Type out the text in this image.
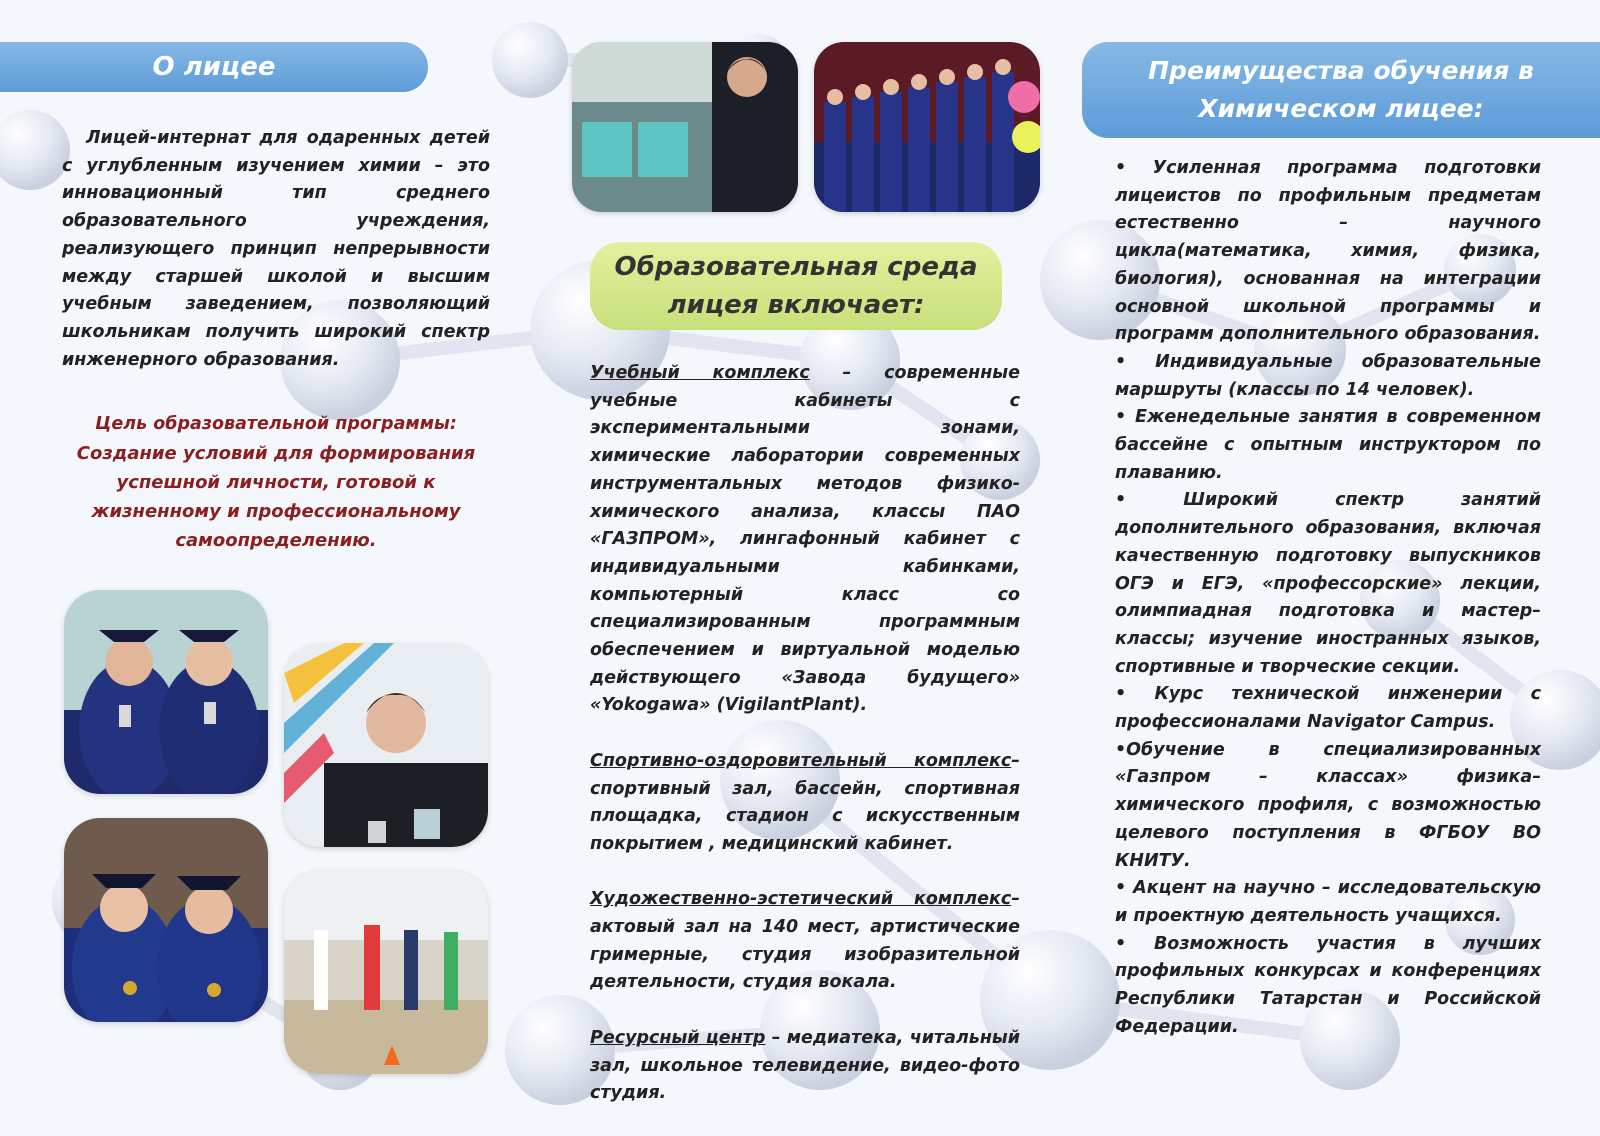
О лицее
Лицей-интернат для одаренных детей с углубленным изучением химии – это инновационный тип среднего образовательного учреждения, реализующего принцип непрерывности между старшей школой и высшим учебным заведением, позволяющий школьникам получить широкий спектр инженерного образования.
Цель образовательной программы:
Создание условий для формирования успешной личности, готовой к жизненному и профессиональному самоопределению.
Образовательная среда
лицея включает:

Учебный комплекс – современные учебные кабинеты с экспериментальными зонами, химические лаборатории современных инструментальных методов физико-химического анализа, классы ПАО «ГАЗПРОМ», лингафонный кабинет с индивидуальными кабинками, компьютерный класс со специализированным программным обеспечением и виртуальной моделью действующего «Завода будущего» «Yokogawa» (VigilantPlant).

Спортивно-оздоровительный комплекс– спортивный зал, бассейн, спортивная площадка, стадион с искусственным покрытием , медицинский кабинет.

Художественно-эстетический комплекс– актовый зал на 140 мест, артистические гримерные, студия изобразительной деятельности, студия вокала.

Ресурсный центр – медиатека, читальный зал, школьное телевидение, видео-фото студия.

Преимущества обучения в
Химическом лицее:

• Усиленная программа подготовки лицеистов по профильным предметам естественно – научного цикла(математика, химия, физика, биология), основанная на интеграции основной школьной программы и программ дополнительного образования.

• Индивидуальные образовательные маршруты (классы по 14 человек).

• Еженедельные занятия в современном бассейне с опытным инструктором по плаванию.

• Широкий спектр занятий дополнительного образования, включая качественную подготовку выпускников ОГЭ и ЕГЭ, «профессорские» лекции, олимпиадная подготовка и мастер–классы; изучение иностранных языков, спортивные и творческие секции.

• Курс технической инженерии с профессионалами Navigator Campus.

•Обучение в специализированных «Газпром – классах» физика– химического профиля, с возможностью целевого поступления в ФГБОУ ВО КНИТУ.

• Акцент на научно – исследовательскую и проектную деятельность учащихся.

• Возможность участия в лучших профильных конкурсах и конференциях Республики Татарстан и Российской Федерации.
